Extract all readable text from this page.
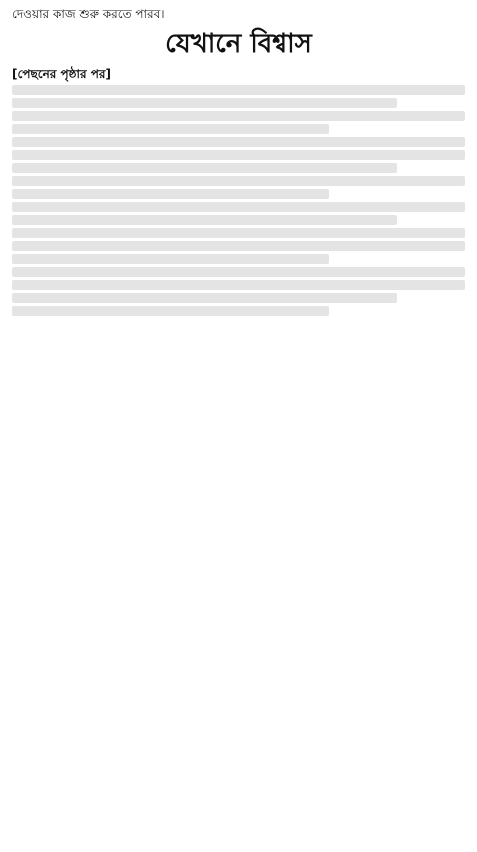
দেওয়ার কাজ শুরু করতে পারব।
যেখানে বিশ্বাস

[পেছনের পৃষ্ঠার পর]
